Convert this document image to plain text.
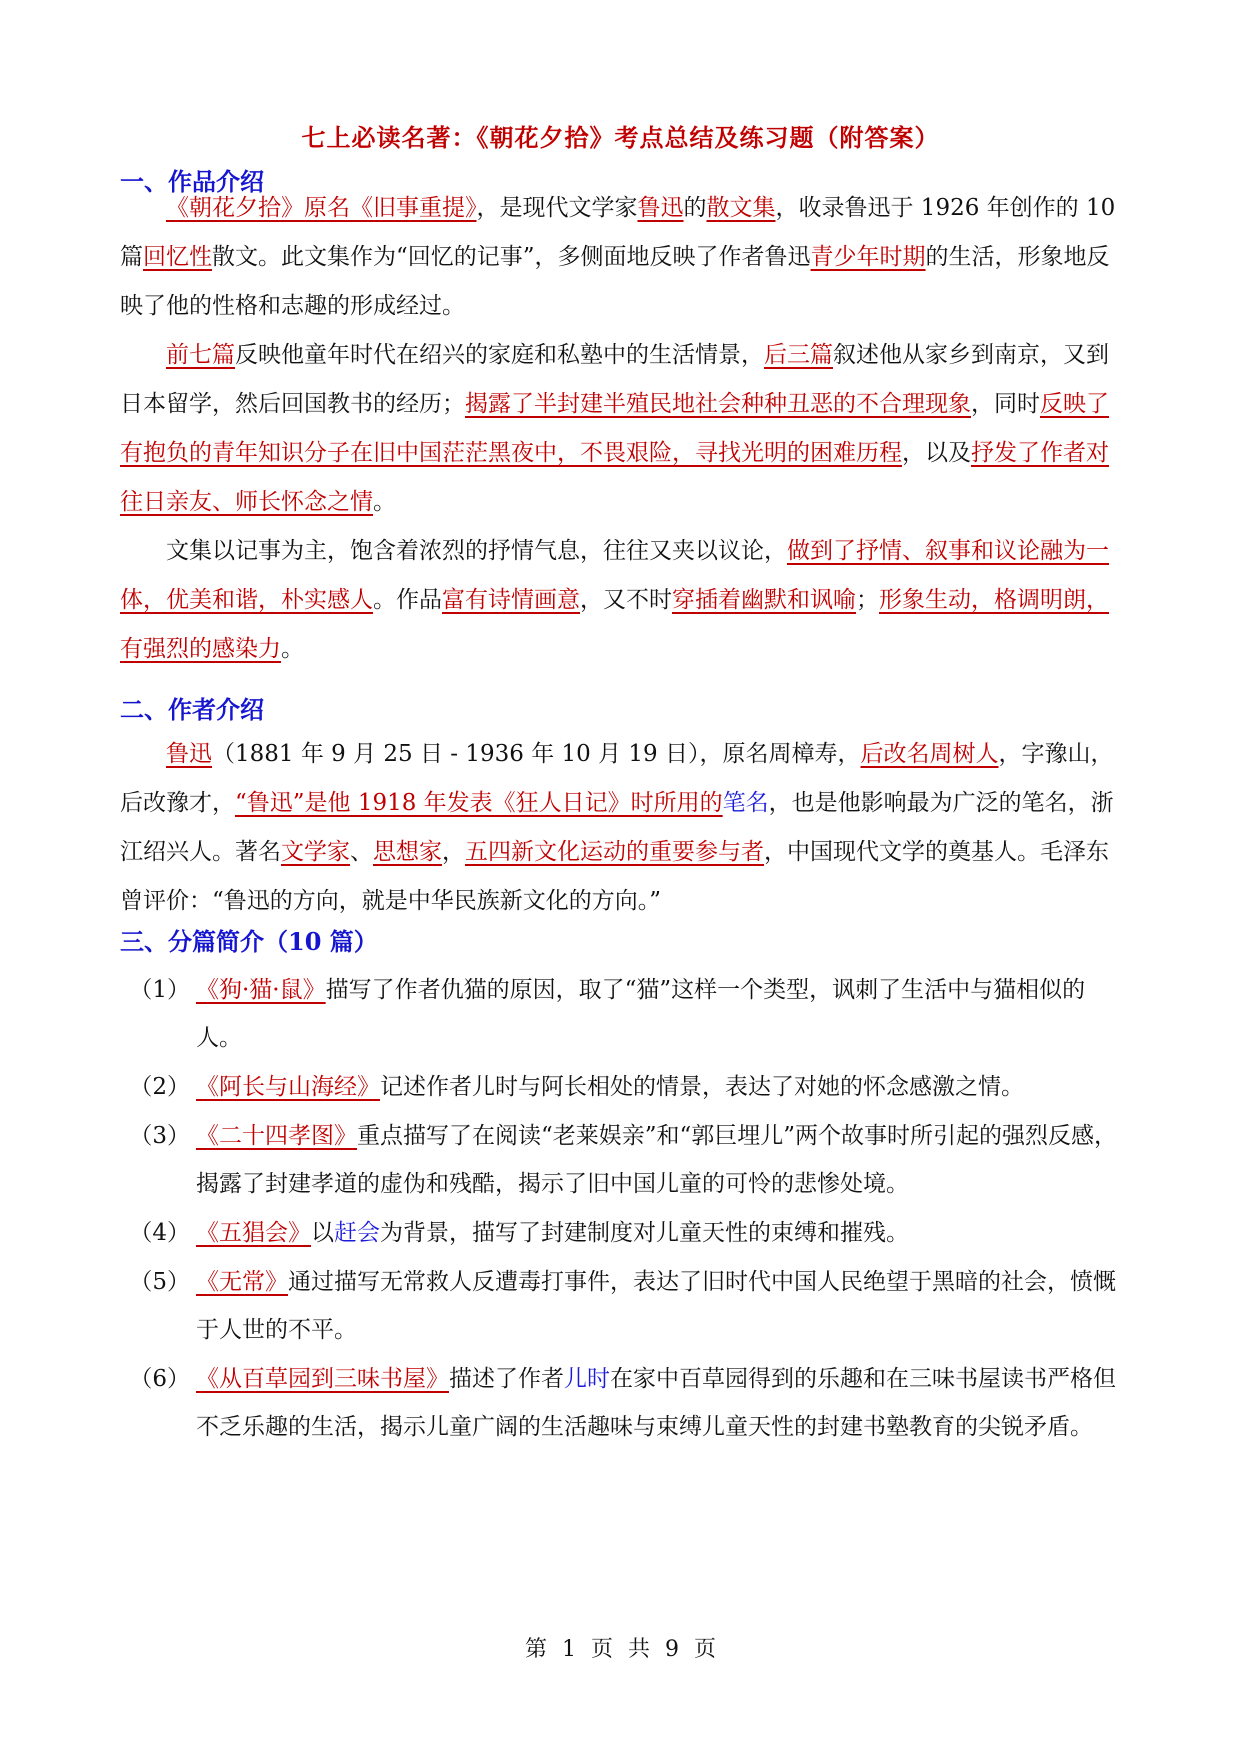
七上必读名著：《朝花夕拾》考点总结及练习题（附答案）
一、作品介绍

《朝花夕拾》原名《旧事重提》，是现代文学家鲁迅的散文集，收录鲁迅于 1926 年创作的 10 篇回忆性散文。此文集作为“回忆的记事”，多侧面地反映了作者鲁迅青少年时期的生活，形象地反映了他的性格和志趣的形成经过。

前七篇反映他童年时代在绍兴的家庭和私塾中的生活情景，后三篇叙述他从家乡到南京，又到日本留学，然后回国教书的经历；揭露了半封建半殖民地社会种种丑恶的不合理现象，同时反映了有抱负的青年知识分子在旧中国茫茫黑夜中，不畏艰险，寻找光明的困难历程，以及抒发了作者对往日亲友、师长怀念之情。

文集以记事为主，饱含着浓烈的抒情气息，往往又夹以议论，做到了抒情、叙事和议论融为一体，优美和谐，朴实感人。作品富有诗情画意，又不时穿插着幽默和讽喻；形象生动，格调明朗，有强烈的感染力。

二、作者介绍

鲁迅（1881 年 9 月 25 日 - 1936 年 10 月 19 日），原名周樟寿，后改名周树人，字豫山，后改豫才，“鲁迅”是他 1918 年发表《狂人日记》时所用的笔名，也是他影响最为广泛的笔名，浙江绍兴人。著名文学家、思想家，五四新文化运动的重要参与者，中国现代文学的奠基人。毛泽东曾评价：“鲁迅的方向，就是中华民族新文化的方向。”

三、分篇简介（10 篇）
（1） 《狗·猫·鼠》描写了作者仇猫的原因，取了“猫”这样一个类型，讽刺了生活中与猫相似的人。
（2） 《阿长与山海经》记述作者儿时与阿长相处的情景，表达了对她的怀念感激之情。
（3） 《二十四孝图》重点描写了在阅读“老莱娱亲”和“郭巨埋儿”两个故事时所引起的强烈反感，揭露了封建孝道的虚伪和残酷，揭示了旧中国儿童的可怜的悲惨处境。
（4） 《五猖会》以赶会为背景，描写了封建制度对儿童天性的束缚和摧残。
（5） 《无常》通过描写无常救人反遭毒打事件，表达了旧时代中国人民绝望于黑暗的社会，愤慨于人世的不平。
（6） 《从百草园到三味书屋》描述了作者儿时在家中百草园得到的乐趣和在三味书屋读书严格但不乏乐趣的生活，揭示儿童广阔的生活趣味与束缚儿童天性的封建书塾教育的尖锐矛盾。
第 1 页 共 9 页
